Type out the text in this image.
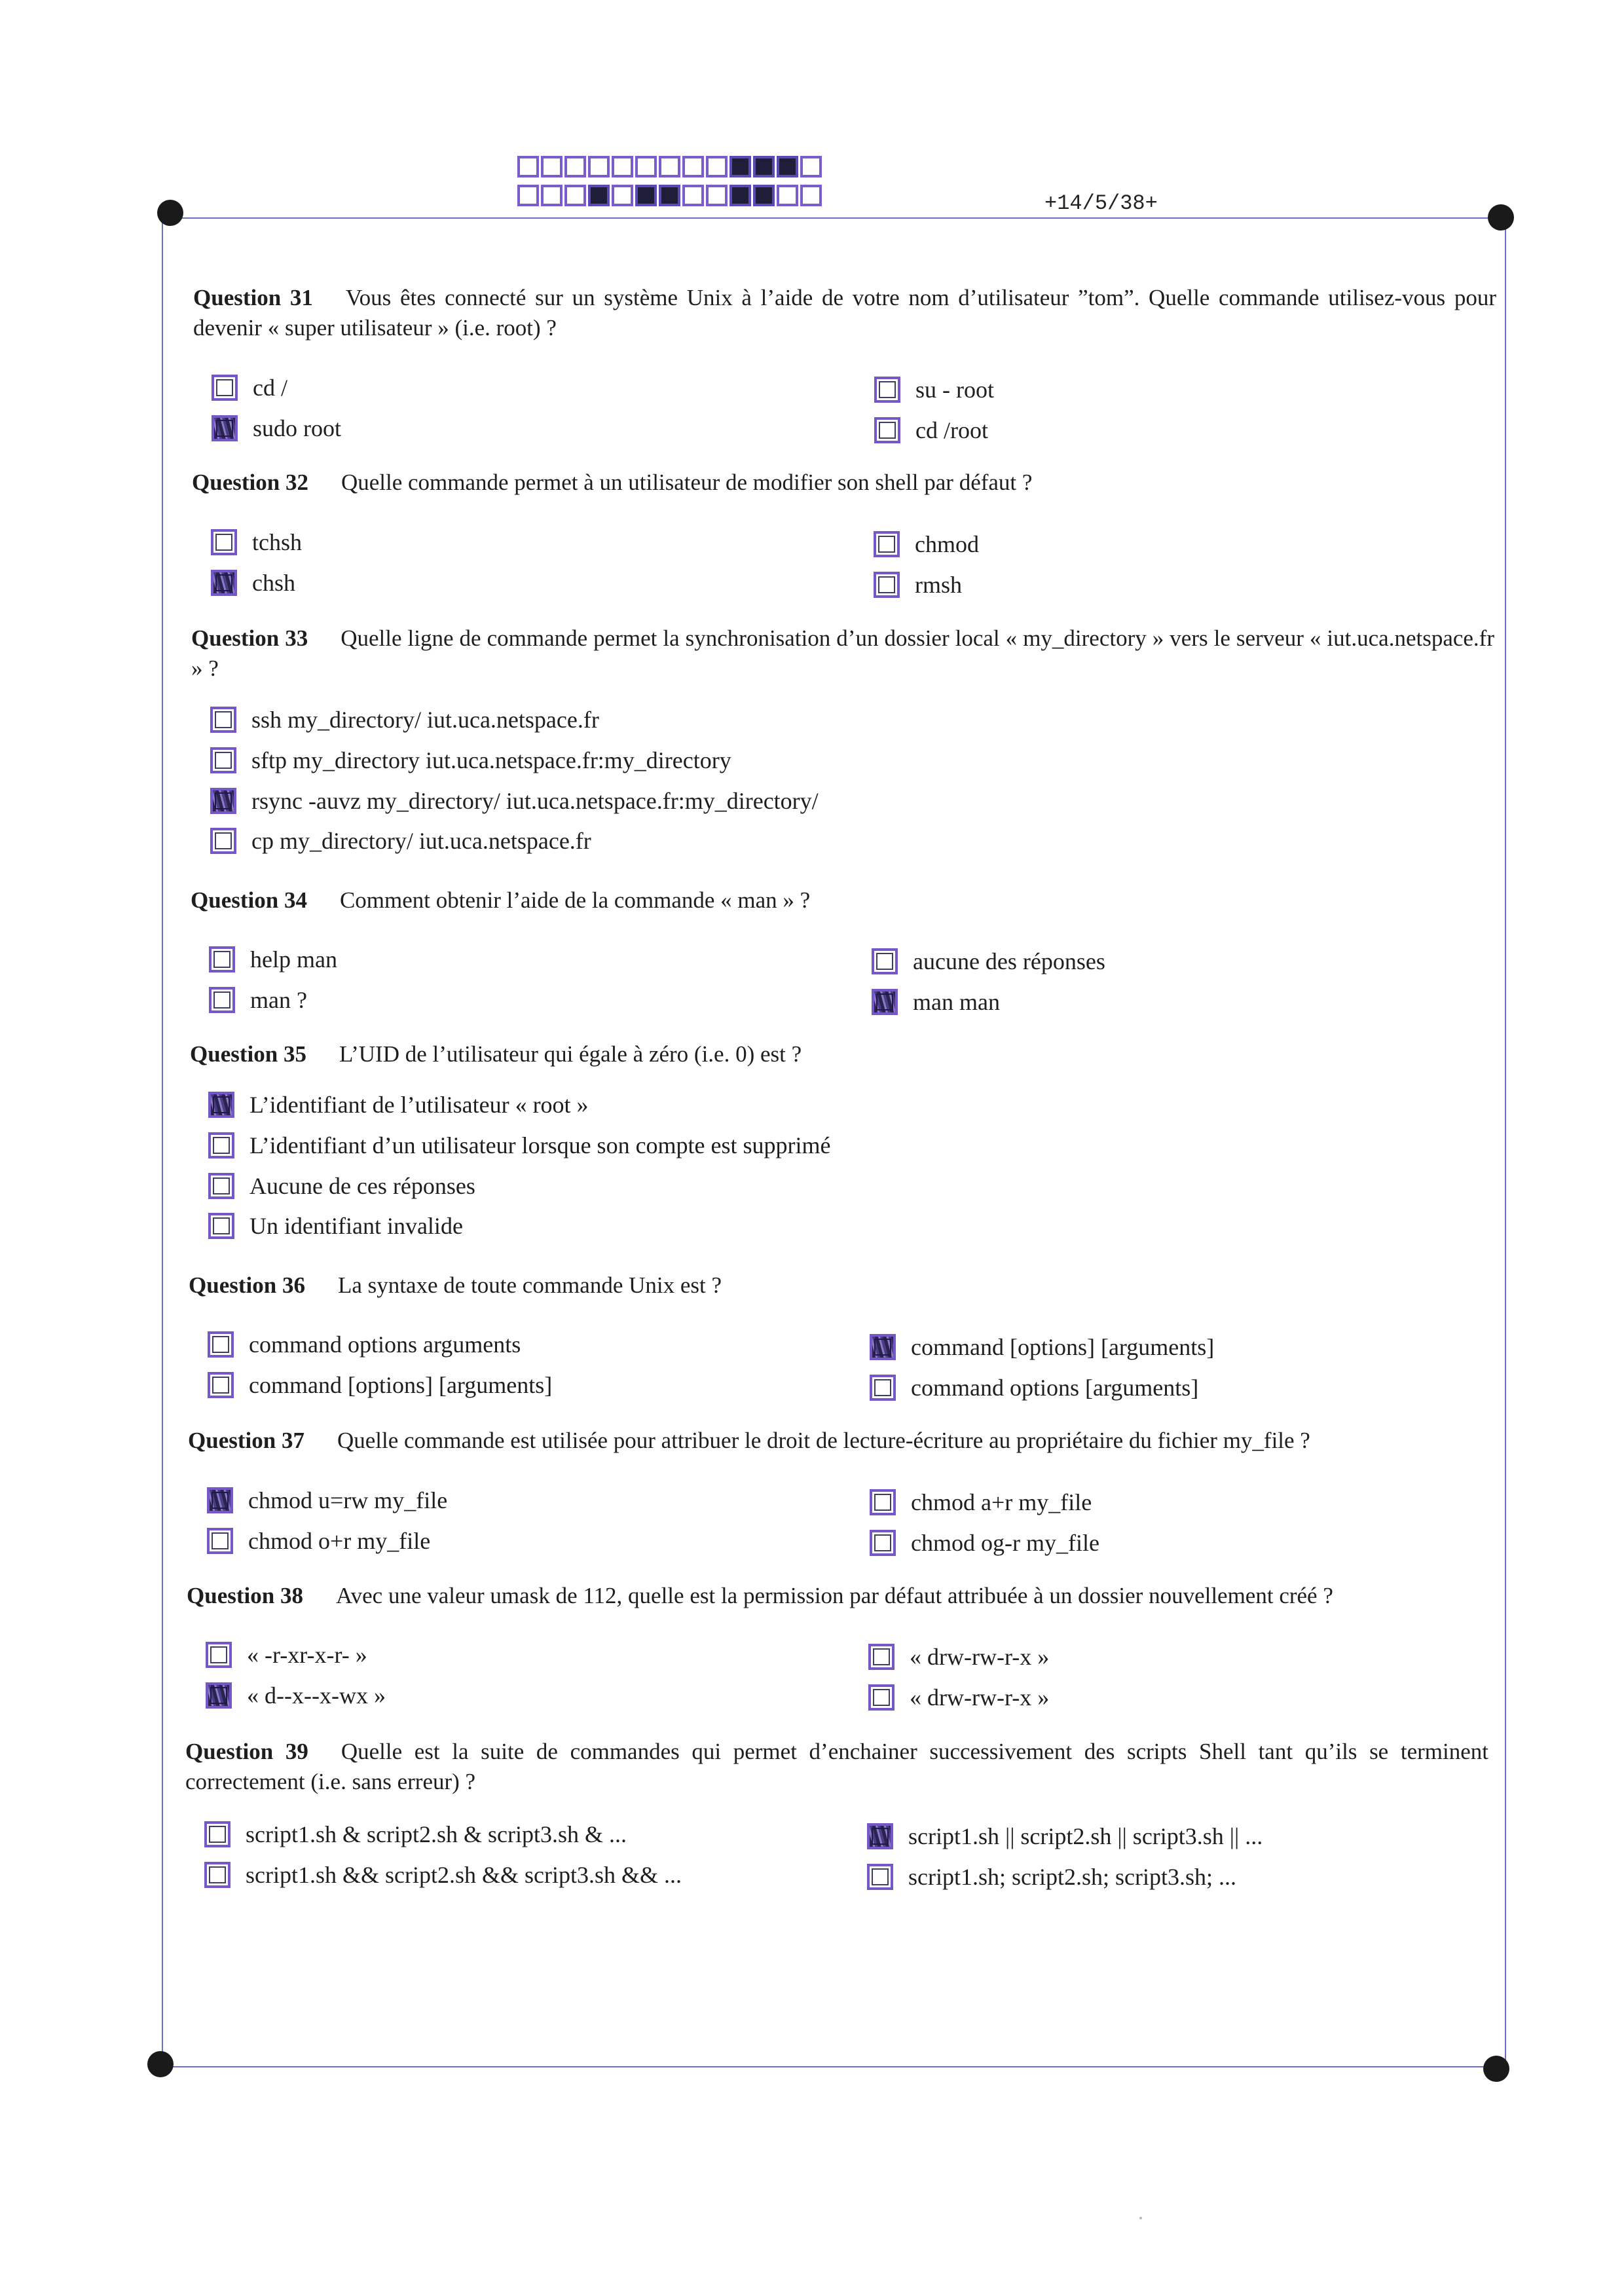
+14/5/38+
Question 31 Vous êtes connecté sur un système Unix à l’aide de votre nom d’utilisateur ”tom”. Quelle commande utilisez-vous pour devenir « super utilisateur » (i.e. root) ?
cd /	su - root
sudo root	cd /root
Question 32 Quelle commande permet à un utilisateur de modifier son shell par défaut ?
tchsh	chmod
chsh	rmsh
Question 33 Quelle ligne de commande permet la synchronisation d’un dossier local « my_directory » vers le serveur « iut.uca.netspace.fr » ?
ssh my_directory/ iut.uca.netspace.fr
sftp my_directory iut.uca.netspace.fr:my_directory
rsync -auvz my_directory/ iut.uca.netspace.fr:my_directory/
cp my_directory/ iut.uca.netspace.fr
Question 34 Comment obtenir l’aide de la commande « man » ?
help man	aucune des réponses
man ?	man man
Question 35 L’UID de l’utilisateur qui égale à zéro (i.e. 0) est ?
L’identifiant de l’utilisateur « root »
L’identifiant d’un utilisateur lorsque son compte est supprimé
Aucune de ces réponses
Un identifiant invalide
Question 36 La syntaxe de toute commande Unix est ?
command options arguments	command [options] [arguments]
command [options] [arguments]	command options [arguments]
Question 37 Quelle commande est utilisée pour attribuer le droit de lecture-écriture au propriétaire du fichier my_file ?
chmod u=rw my_file	chmod a+r my_file
chmod o+r my_file	chmod og-r my_file
Question 38 Avec une valeur umask de 112, quelle est la permission par défaut attribuée à un dossier nouvellement créé ?
« -r-xr-x-r- »	« drw-rw-r-x »
« d--x--x-wx »	« drw-rw-r-x »
Question 39 Quelle est la suite de commandes qui permet d’enchainer successivement des scripts Shell tant qu’ils se terminent correctement (i.e. sans erreur) ?
script1.sh & script2.sh & script3.sh & ...	script1.sh || script2.sh || script3.sh || ...
script1.sh && script2.sh && script3.sh && ...	script1.sh; script2.sh; script3.sh; ...
